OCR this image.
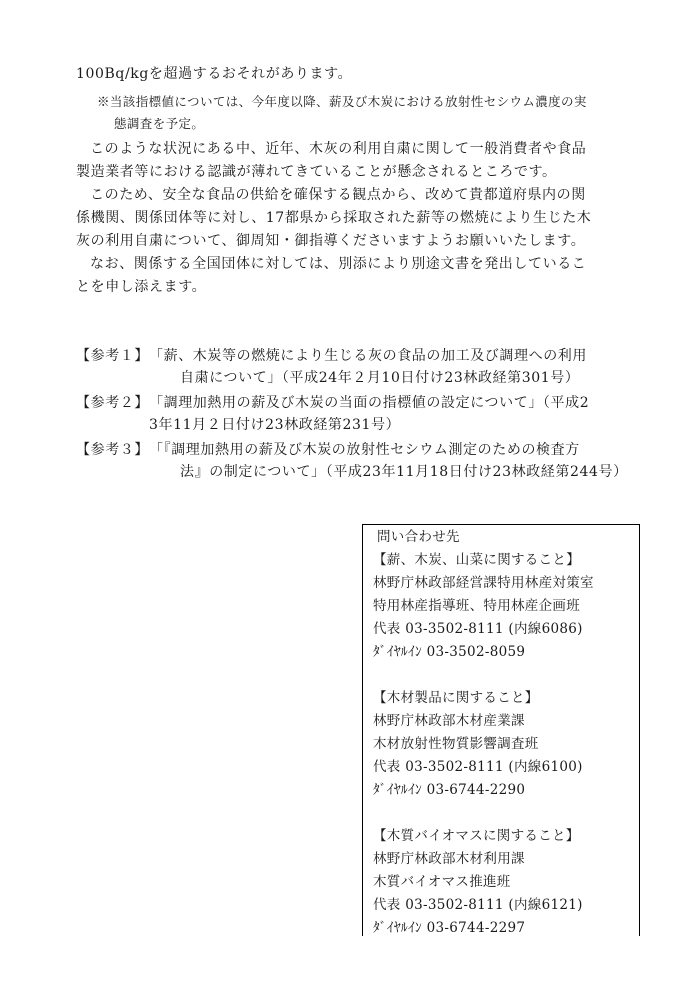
100Bq/kgを超過するおそれがあります。
※当該指標値については、今年度以降、薪及び木炭における放射性セシウム濃度の実
態調査を予定。
このような状況にある中、近年、木灰の利用自粛に関して一般消費者や食品
製造業者等における認識が薄れてきていることが懸念されるところです。
このため、安全な食品の供給を確保する観点から、改めて貴都道府県内の関
係機関、関係団体等に対し、17都県から採取された薪等の燃焼により生じた木
灰の利用自粛について、御周知・御指導くださいますようお願いいたします。
なお、関係する全国団体に対しては、別添により別途文書を発出しているこ
とを申し添えます。
【参考１】 「薪、木炭等の燃焼により生じる灰の食品の加工及び調理への利用
自粛について」（平成24年２月10日付け23林政経第301号）
【参考２】 「調理加熱用の薪及び木炭の当面の指標値の設定について」（平成2
3年11月２日付け23林政経第231号）
【参考３】 「『調理加熱用の薪及び木炭の放射性セシウム測定のための検査方
法』の制定について」（平成23年11月18日付け23林政経第244号）
問い合わせ先
【薪、木炭、山菜に関すること】
林野庁林政部経営課特用林産対策室
特用林産指導班、特用林産企画班
代表 03-3502-8111 (内線6086)
ﾀﾞｲﾔﾙｲﾝ 03-3502-8059
【木材製品に関すること】
林野庁林政部木材産業課
木材放射性物質影響調査班
代表 03-3502-8111 (内線6100)
ﾀﾞｲﾔﾙｲﾝ 03-6744-2290
【木質バイオマスに関すること】
林野庁林政部木材利用課
木質バイオマス推進班
代表 03-3502-8111 (内線6121)
ﾀﾞｲﾔﾙｲﾝ 03-6744-2297
